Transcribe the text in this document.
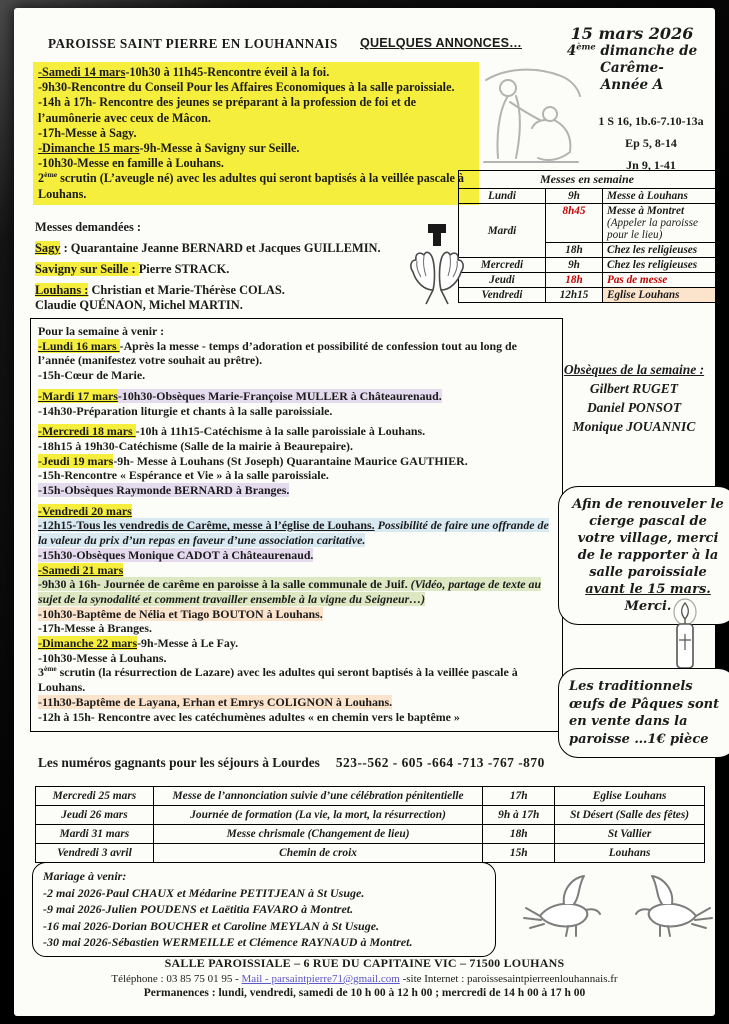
PAROISSE SAINT PIERRE EN LOUHANNAIS QUELQUES ANNONCES…	15 mars 2026
4ème dimanche de Carême-
Année A
-Samedi 14 mars-10h30 à 11h45-Rencontre éveil à la foi.
-9h30-Rencontre du Conseil Pour les Affaires Economiques à la salle paroissiale.
-14h à 17h- Rencontre des jeunes se préparant à la profession de foi et de l’aumônerie avec ceux de Mâcon.
-17h-Messe à Sagy.
-Dimanche 15 mars-9h-Messe à Savigny sur Seille.
-10h30-Messe en famille à Louhans.
2ème scrutin (L’aveugle né) avec les adultes qui seront baptisés à la veillée pascale à Louhans.
1 S 16, 1b.6-7.10-13a
Ep 5, 8-14
Jn 9, 1-41
Messes en semaine		
Lundi	9h	Messe à Louhans
Mardi	8h45	Messe à Montret
(Appeler la paroisse pour le lieu)

	18h	Chez les religieuses
Mercredi	9h	Chez les religieuses
Jeudi	18h	Pas de messe
Vendredi	12h15	Eglise Louhans
Messes demandées :
Sagy : Quarantaine Jeanne BERNARD et Jacques GUILLEMIN.
Savigny sur Seille : Pierre STRACK.
Louhans : Christian et Marie-Thérèse COLAS.
Claudie QUÉNAON, Michel MARTIN.
Pour la semaine à venir :
-Lundi 16 mars -Après la messe - temps d’adoration et possibilité de confession tout au long de l’année (manifestez votre souhait au prêtre).
-15h-Cœur de Marie.
-Mardi 17 mars-10h30-Obsèques Marie-Françoise MULLER à Châteaurenaud.
-14h30-Préparation liturgie et chants à la salle paroissiale.
-Mercredi 18 mars -10h à 11h15-Catéchisme à la salle paroissiale à Louhans.
-18h15 à 19h30-Catéchisme (Salle de la mairie à Beaurepaire).
-Jeudi 19 mars-9h- Messe à Louhans (St Joseph) Quarantaine Maurice GAUTHIER.
-15h-Rencontre « Espérance et Vie » à la salle paroissiale.
-15h-Obsèques Raymonde BERNARD à Branges.
-Vendredi 20 mars
-12h15-Tous les vendredis de Carême, messe à l’église de Louhans. Possibilité de faire une offrande de la valeur du prix d’un repas en faveur d’une association caritative.
-15h30-Obsèques Monique CADOT à Châteaurenaud.
-Samedi 21 mars
-9h30 à 16h- Journée de carême en paroisse à la salle communale de Juif. (Vidéo, partage de texte au sujet de la synodalité et comment travailler ensemble à la vigne du Seigneur…)
-10h30-Baptême de Nélia et Tiago BOUTON à Louhans.
-17h-Messe à Branges.
-Dimanche 22 mars-9h-Messe à Le Fay.
-10h30-Messe à Louhans.
3ème scrutin (la résurrection de Lazare) avec les adultes qui seront baptisés à la veillée pascale à Louhans.
-11h30-Baptême de Layana, Erhan et Emrys COLIGNON à Louhans.
-12h à 15h- Rencontre avec les catéchumènes adultes « en chemin vers le baptême »
Obsèques de la semaine :
Gilbert RUGET
Daniel PONSOT
Monique JOUANNIC
Afin de renouveler le cierge pascal de votre village, merci de le rapporter à la salle paroissiale avant le 15 mars. Merci.
Les traditionnels œufs de Pâques sont en vente dans la paroisse …1€ pièce
Les numéros gagnants pour les séjours à Lourdes 523--562 - 605 -664 -713 -767 -870
Mercredi 25 mars	Messe de l’annonciation suivie d’une célébration pénitentielle	17h	Eglise Louhans
Jeudi 26 mars	Journée de formation (La vie, la mort, la résurrection)	9h à 17h	St Désert (Salle des fêtes)
Mardi 31 mars	Messe chrismale (Changement de lieu)	18h	St Vallier
Vendredi 3 avril	Chemin de croix	15h	Louhans
Mariage à venir:
-2 mai 2026-Paul CHAUX et Médarine PETITJEAN à St Usuge.
-9 mai 2026-Julien POUDENS et Laëtitia FAVARO à Montret.
-16 mai 2026-Dorian BOUCHER et Caroline MEYLAN à St Usuge.
-30 mai 2026-Sébastien WERMEILLE et Clémence RAYNAUD à Montret.
SALLE PAROISSIALE – 6 RUE DU CAPITAINE VIC – 71500 LOUHANS
Téléphone : 03 85 75 01 95 - Mail - parsaintpierre71@gmail.com -site Internet : paroissesaintpierreenlouhannais.fr
Permanences : lundi, vendredi, samedi de 10 h 00 à 12 h 00 ; mercredi de 14 h 00 à 17 h 00
